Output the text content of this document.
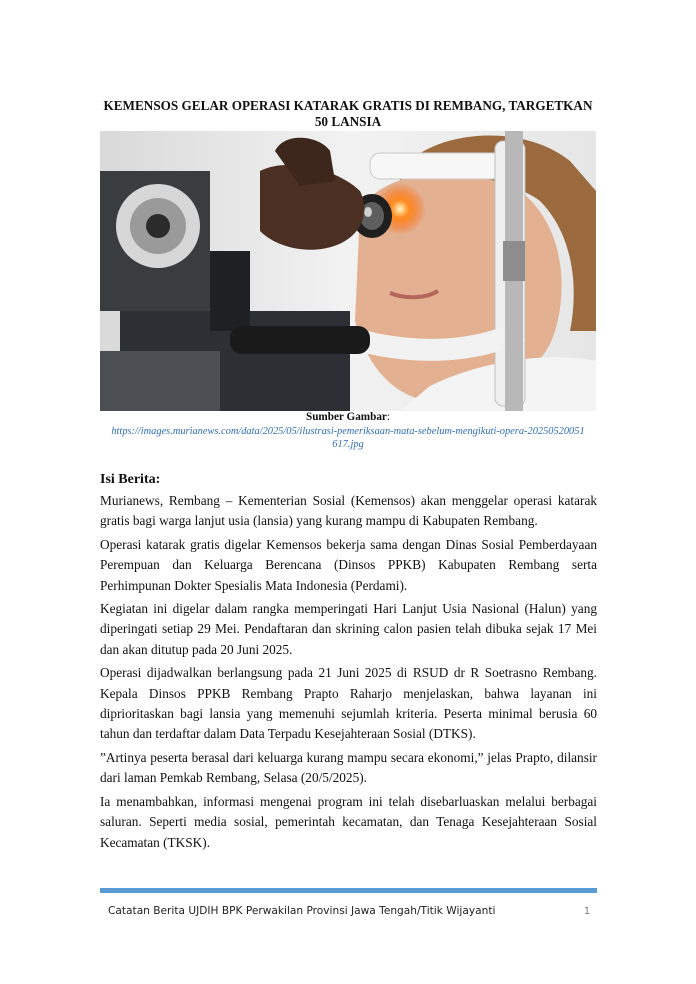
KEMENSOS GELAR OPERASI KATARAK GRATIS DI REMBANG, TARGETKAN 50 LANSIA
Sumber Gambar:
https://images.murianews.com/data/2025/05/ilustrasi-pemeriksaan-mata-sebelum-mengikuti-opera-20250520051617.jpg
Isi Berita:

Murianews, Rembang – Kementerian Sosial (Kemensos) akan menggelar operasi katarak gratis bagi warga lanjut usia (lansia) yang kurang mampu di Kabupaten Rembang.

Operasi katarak gratis digelar Kemensos bekerja sama dengan Dinas Sosial Pemberdayaan Perempuan dan Keluarga Berencana (Dinsos PPKB) Kabupaten Rembang serta Perhimpunan Dokter Spesialis Mata Indonesia (Perdami).

Kegiatan ini digelar dalam rangka memperingati Hari Lanjut Usia Nasional (Halun) yang diperingati setiap 29 Mei. Pendaftaran dan skrining calon pasien telah dibuka sejak 17 Mei dan akan ditutup pada 20 Juni 2025.

Operasi dijadwalkan berlangsung pada 21 Juni 2025 di RSUD dr R Soetrasno Rembang. Kepala Dinsos PPKB Rembang Prapto Raharjo menjelaskan, bahwa layanan ini diprioritaskan bagi lansia yang memenuhi sejumlah kriteria. Peserta minimal berusia 60 tahun dan terdaftar dalam Data Terpadu Kesejahteraan Sosial (DTKS).

”Artinya peserta berasal dari keluarga kurang mampu secara ekonomi,” jelas Prapto, dilansir dari laman Pemkab Rembang, Selasa (20/5/2025).

Ia menambahkan, informasi mengenai program ini telah disebarluaskan melalui berbagai saluran. Seperti media sosial, pemerintah kecamatan, dan Tenaga Kesejahteraan Sosial Kecamatan (TKSK).

Catatan Berita UJDIH BPK Perwakilan Provinsi Jawa Tengah/Titik Wijayanti	1
